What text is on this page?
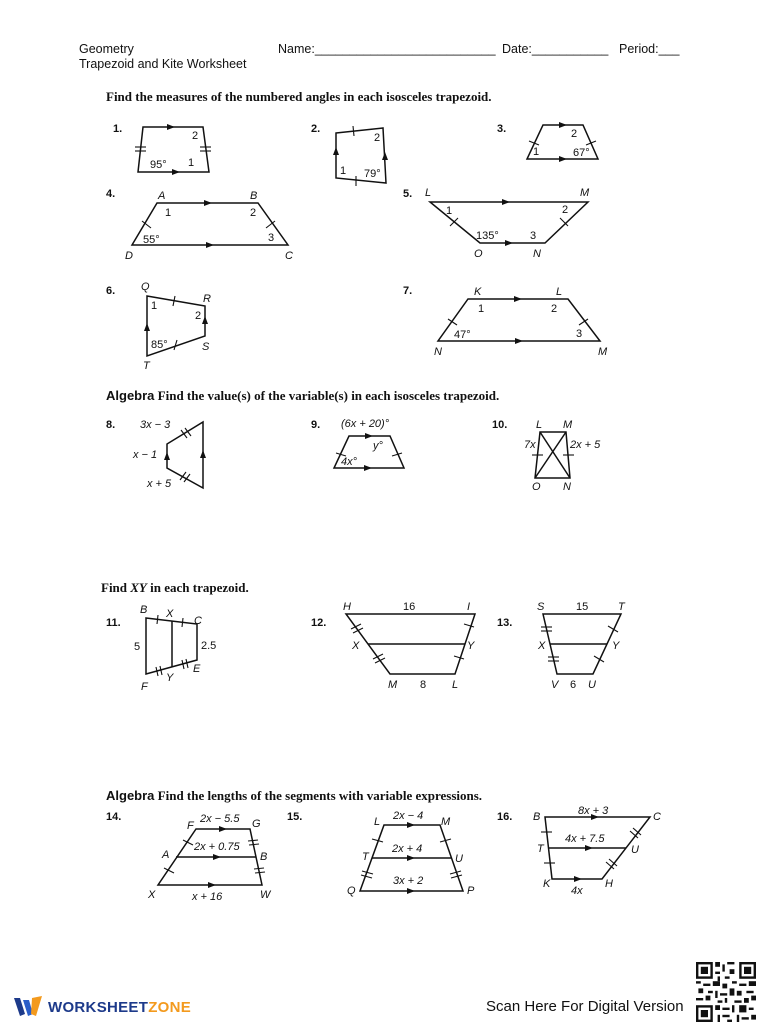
Geometry
Trapezoid and Kite Worksheet
Name:__________________________ Date:___________ Period:___
Find the measures of the numbered angles in each isosceles trapezoid.
Algebra Find the value(s) of the variable(s) in each isosceles trapezoid.
Find XY in each trapezoid.
Algebra Find the lengths of the segments with variable expressions.
1.	2.	3.
4.	5.
6.	7.
8.	9.	10.
11.	12.	13.
14.	15.	16.
2
95° 1
2
1 79°
2
1	67°
A	B
1	2
55°	3
D	C
L	M
1	2
135°	3
O	N
Q
R
1
2
85°	S
T
K	L
1	2
47°	3
N	M
3x − 3
x − 1
x + 5
(6x + 20)°
y°
4x°
L M
7x	2x + 5
O N
B X
C
5	2.5
E
F
Y
H	16	I
X	Y
M 8 L
S	15	T
X	Y
V 6 U
F
2x − 5.5 G
A
2x + 0.75
B
X	x + 16	W
L 2x − 4 M
T
2x + 4
U
3x + 2
Q	P
B	8x + 3	C
T
4x + 7.5
U
K	H
4x
WORKSHEETZONE	Scan Here For Digital Version
